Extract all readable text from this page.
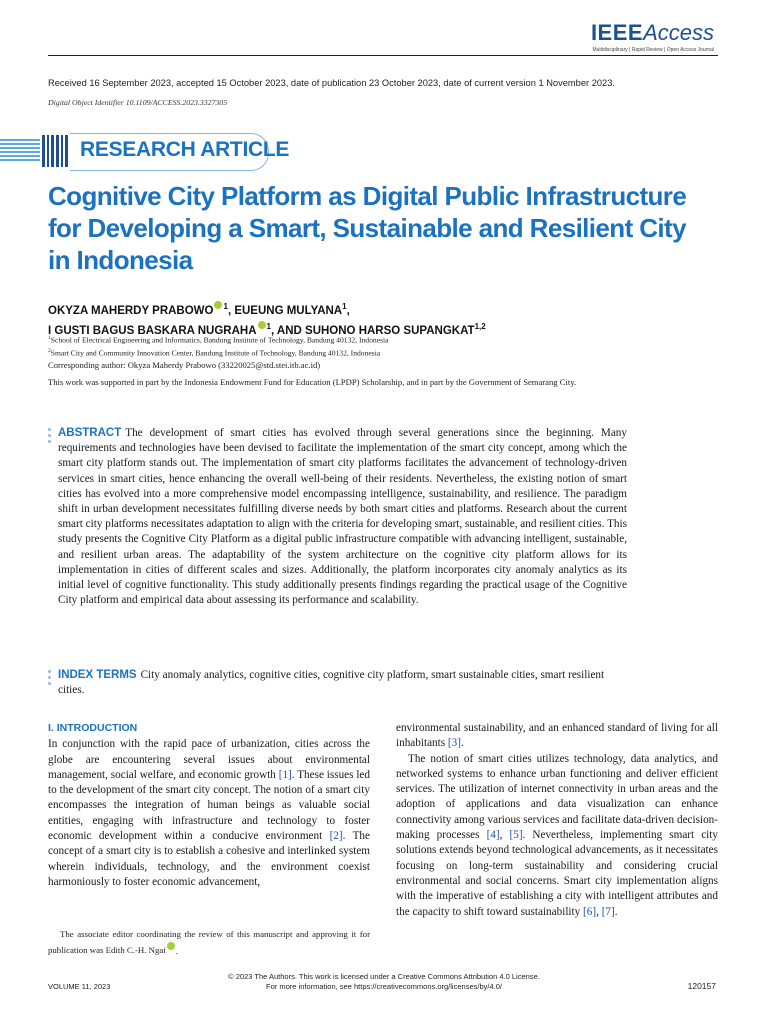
IEEEAccess
Multidisciplinary | Rapid Review | Open Access Journal
Received 16 September 2023, accepted 15 October 2023, date of publication 23 October 2023, date of current version 1 November 2023.
Digital Object Identifier 10.1109/ACCESS.2023.3327305
RESEARCH ARTICLE
Cognitive City Platform as Digital Public Infrastructure for Developing a Smart, Sustainable and Resilient City in Indonesia
OKYZA MAHERDY PRABOWO $^1$, EUEUNG MULYANA$^1$,
I GUSTI BAGUS BASKARA NUGRAHA $^1$, AND SUHONO HARSO SUPANGKAT$^{1,2}$
$^1$School of Electrical Engineering and Informatics, Bandung Institute of Technology, Bandung 40132, Indonesia
$^2$Smart City and Community Innovation Center, Bandung Institute of Technology, Bandung 40132, Indonesia
Corresponding author: Okyza Maherdy Prabowo (33220025@std.stei.itb.ac.id)
This work was supported in part by the Indonesia Endowment Fund for Education (LPDP) Scholarship, and in part by the Government of Semarang City.
ABSTRACT The development of smart cities has evolved through several generations since the beginning. Many requirements and technologies have been devised to facilitate the implementation of the smart city concept, among which the smart city platform stands out. The implementation of smart city platforms facilitates the advancement of technology-driven services in smart cities, hence enhancing the overall well-being of their residents. Nevertheless, the existing notion of smart cities has evolved into a more comprehensive model encompassing intelligence, sustainability, and resilience. The paradigm shift in urban development necessitates fulfilling diverse needs by both smart cities and platforms. Research about the current smart city platforms necessitates adaptation to align with the criteria for developing smart, sustainable, and resilient cities. This study presents the Cognitive City Platform as a digital public infrastructure compatible with advancing intelligent, sustainable, and resilient urban areas. The adaptability of the system architecture on the cognitive city platform allows for its implementation in cities of different scales and sizes. Additionally, the platform incorporates city anomaly analytics as its initial level of cognitive functionality. This study additionally presents findings regarding the practical usage of the Cognitive City platform and empirical data about assessing its performance and scalability.
INDEX TERMS City anomaly analytics, cognitive cities, cognitive city platform, smart sustainable cities, smart resilient cities.
I. INTRODUCTION
In conjunction with the rapid pace of urbanization, cities across the globe are encountering several issues about environmental management, social welfare, and economic growth [1]. These issues led to the development of the smart city concept. The notion of a smart city encompasses the integration of human beings as valuable social entities, engaging with infrastructure and technology to foster economic development within a conducive environment [2]. The concept of a smart city is to establish a cohesive and interlinked system wherein individuals, technology, and the environment coexist harmoniously to foster economic advancement,
The associate editor coordinating the review of this manuscript and approving it for publication was Edith C.-H. Ngai .
environmental sustainability, and an enhanced standard of living for all inhabitants [3].
The notion of smart cities utilizes technology, data analytics, and networked systems to enhance urban functioning and deliver efficient services. The utilization of internet connectivity in urban areas and the adoption of applications and data visualization can enhance connectivity among various services and facilitate data-driven decision-making processes [4], [5]. Nevertheless, implementing smart city solutions extends beyond technological advancements, as it necessitates focusing on long-term sustainability and considering crucial environmental and social concerns. Smart city implementation aligns with the imperative of establishing a city with intelligent attributes and the capacity to shift toward sustainability [6], [7].
© 2023 The Authors. This work is licensed under a Creative Commons Attribution 4.0 License.
For more information, see https://creativecommons.org/licenses/by/4.0/
VOLUME 11, 2023	120157
